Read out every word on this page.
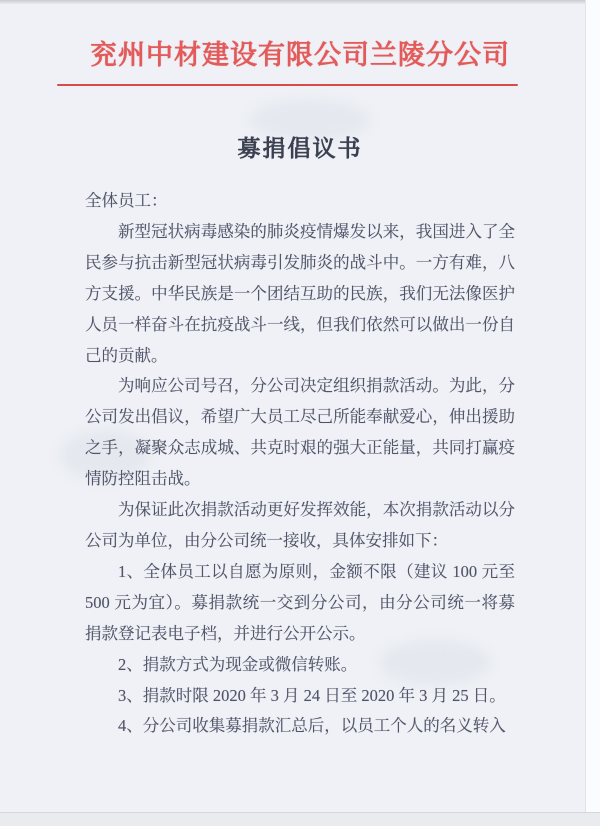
兖州中材建设有限公司兰陵分公司
募捐倡议书
全体员工：

新型冠状病毒感染的肺炎疫情爆发以来，我国进入了全民参与抗击新型冠状病毒引发肺炎的战斗中。一方有难，八方支援。中华民族是一个团结互助的民族，我们无法像医护人员一样奋斗在抗疫战斗一线，但我们依然可以做出一份自己的贡献。

为响应公司号召，分公司决定组织捐款活动。为此，分公司发出倡议，希望广大员工尽己所能奉献爱心，伸出援助之手，凝聚众志成城、共克时艰的强大正能量，共同打赢疫情防控阻击战。

为保证此次捐款活动更好发挥效能，本次捐款活动以分公司为单位，由分公司统一接收，具体安排如下：

1、全体员工以自愿为原则，金额不限（建议 100 元至 500 元为宜）。募捐款统一交到分公司，由分公司统一将募捐款登记表电子档，并进行公开公示。

2、捐款方式为现金或微信转账。

3、捐款时限 2020 年 3 月 24 日至 2020 年 3 月 25 日。

4、分公司收集募捐款汇总后，以员工个人的名义转入
